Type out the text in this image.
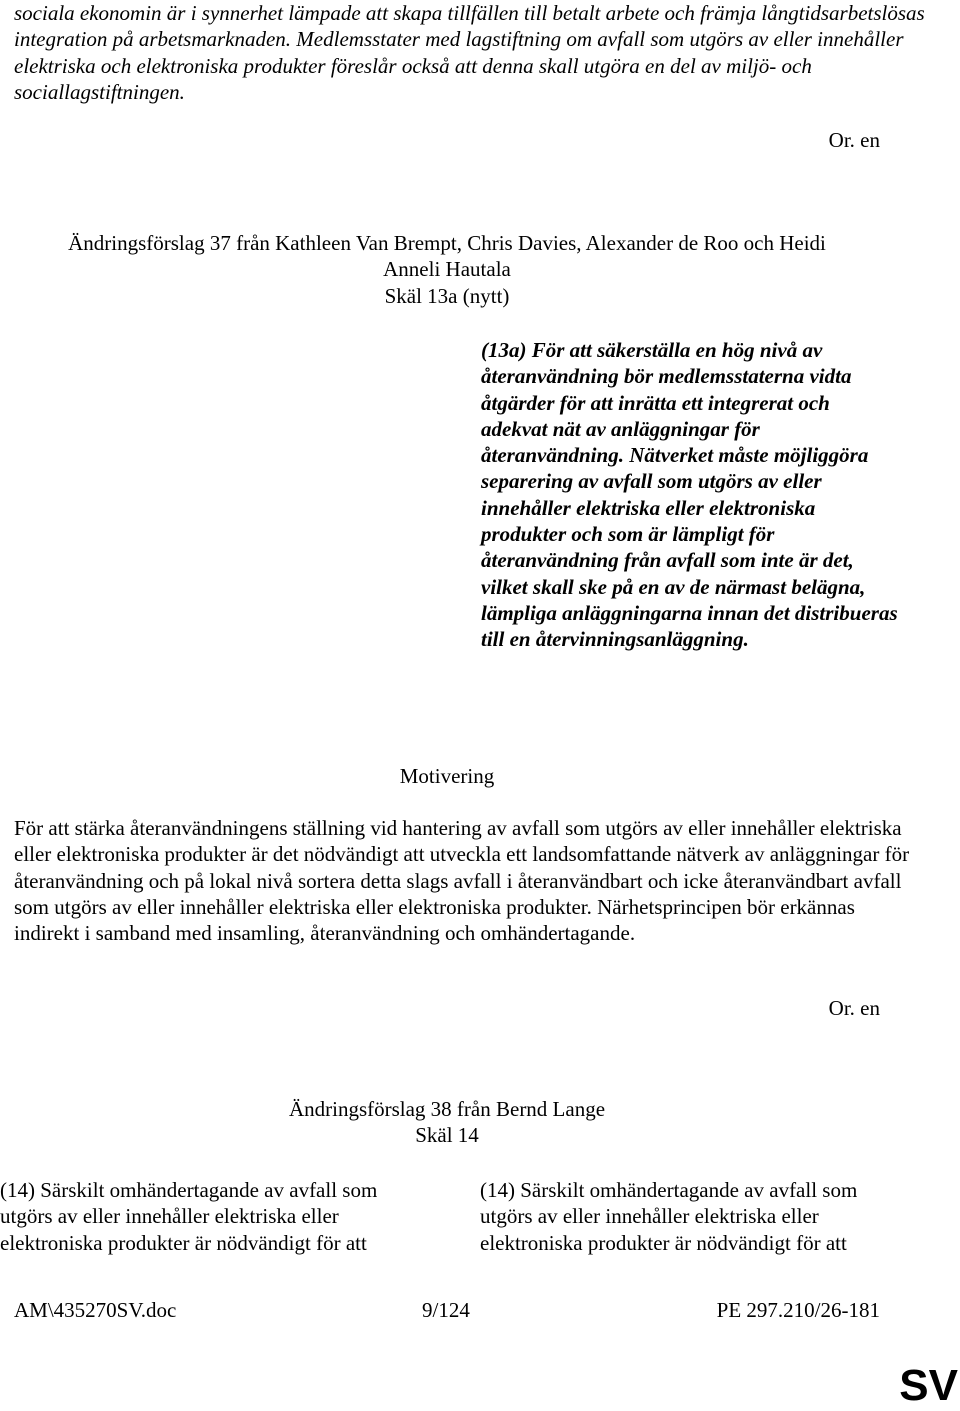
sociala ekonomin är i synnerhet lämpade att skapa tillfällen till betalt arbete och främja långtidsarbetslösas integration på arbetsmarknaden. Medlemsstater med lagstiftning om avfall som utgörs av eller innehåller elektriska och elektroniska produkter föreslår också att denna skall utgöra en del av miljö- och sociallagstiftningen.

Or. en

Ändringsförslag 37 från Kathleen Van Brempt, Chris Davies, Alexander de Roo och Heidi

Anneli Hautala

Skäl 13a (nytt)

(13a) För att säkerställa en hög nivå av återanvändning bör medlemsstaterna vidta åtgärder för att inrätta ett integrerat och adekvat nät av anläggningar för återanvändning. Nätverket måste möjliggöra separering av avfall som utgörs av eller innehåller elektriska eller elektroniska produkter och som är lämpligt för återanvändning från avfall som inte är det, vilket skall ske på en av de närmast belägna, lämpliga anläggningarna innan det distribueras till en återvinningsanläggning.

Motivering

För att stärka återanvändningens ställning vid hantering av avfall som utgörs av eller innehåller elektriska eller elektroniska produkter är det nödvändigt att utveckla ett landsomfattande nätverk av anläggningar för återanvändning och på lokal nivå sortera detta slags avfall i återanvändbart och icke återanvändbart avfall som utgörs av eller innehåller elektriska eller elektroniska produkter. Närhetsprincipen bör erkännas indirekt i samband med insamling, återanvändning och omhändertagande.

Or. en

Ändringsförslag 38 från Bernd Lange

Skäl 14

(14) Särskilt omhändertagande av avfall som utgörs av eller innehåller elektriska eller elektroniska produkter är nödvändigt för att

(14) Särskilt omhändertagande av avfall som utgörs av eller innehåller elektriska eller elektroniska produkter är nödvändigt för att

AM\435270SV.doc	9/124	PE 297.210/26-181

SV
